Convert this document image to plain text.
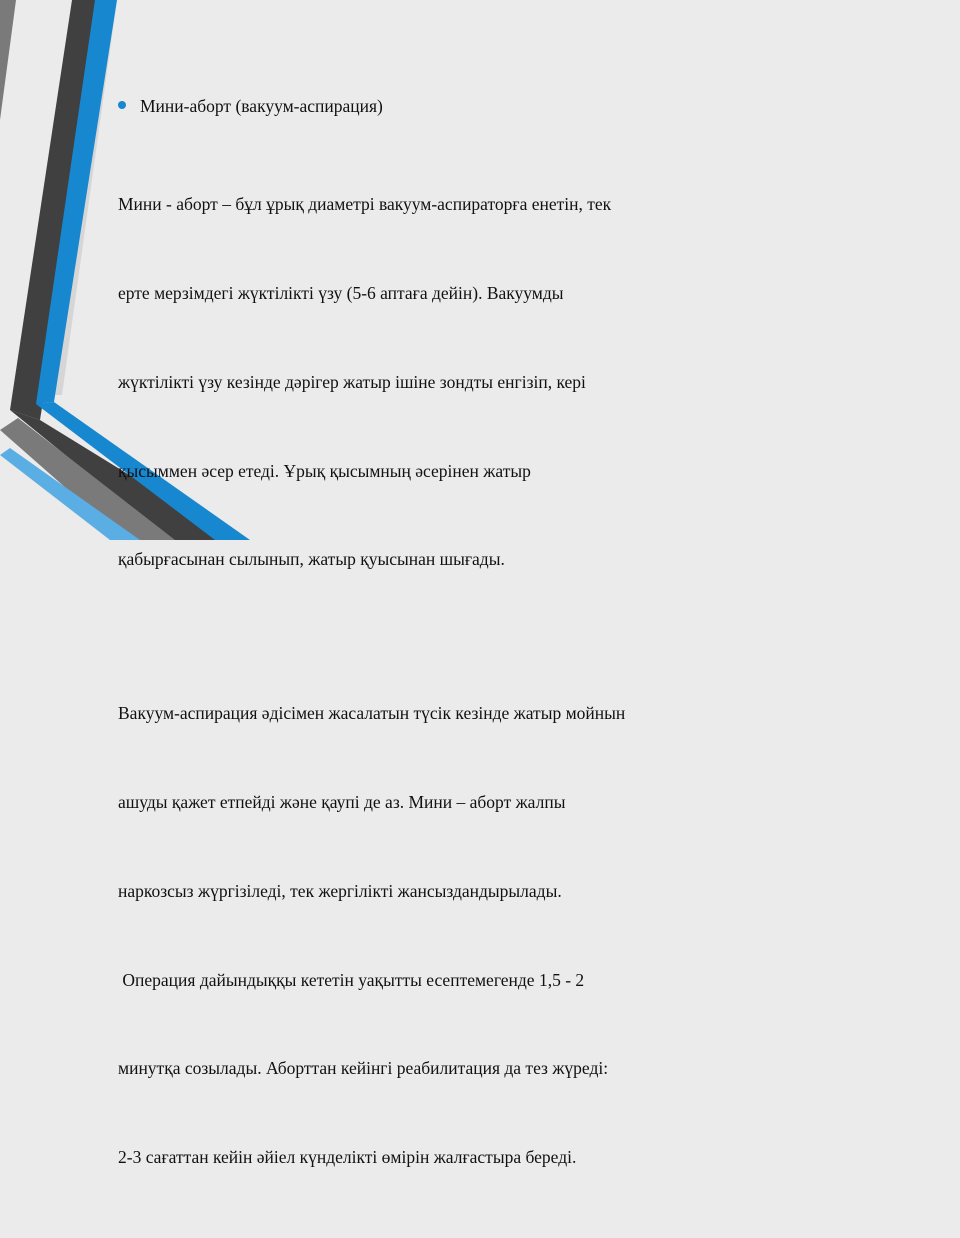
Мини-аборт (вакуум-аспирация)

Мини - аборт – бұл ұрық диаметрі вакуум-аспираторға енетін, тек

ерте мерзімдегі жүктілікті үзу (5-6 аптаға дейін). Вакуумды

жүктілікті үзу кезінде дәрігер жатыр ішіне зондты енгізіп, кері

қысыммен әсер етеді. Ұрық қысымның әсерінен жатыр

қабырғасынан сылынып, жатыр қуысынан шығады.

Вакуум-аспирация әдісімен жасалатын түсік кезінде жатыр мойнын

ашуды қажет етпейді және қаупі де аз. Мини – аборт жалпы

наркозсыз жүргізіледі, тек жергілікті жансыздандырылады.

Операция дайындыққы кететін уақытты есептемегенде 1,5 - 2

минутқа созылады. Аборттан кейінгі реабилитация да тез жүреді:

2-3 сағаттан кейін әйіел күнделікті өмірін жалғастыра береді.
